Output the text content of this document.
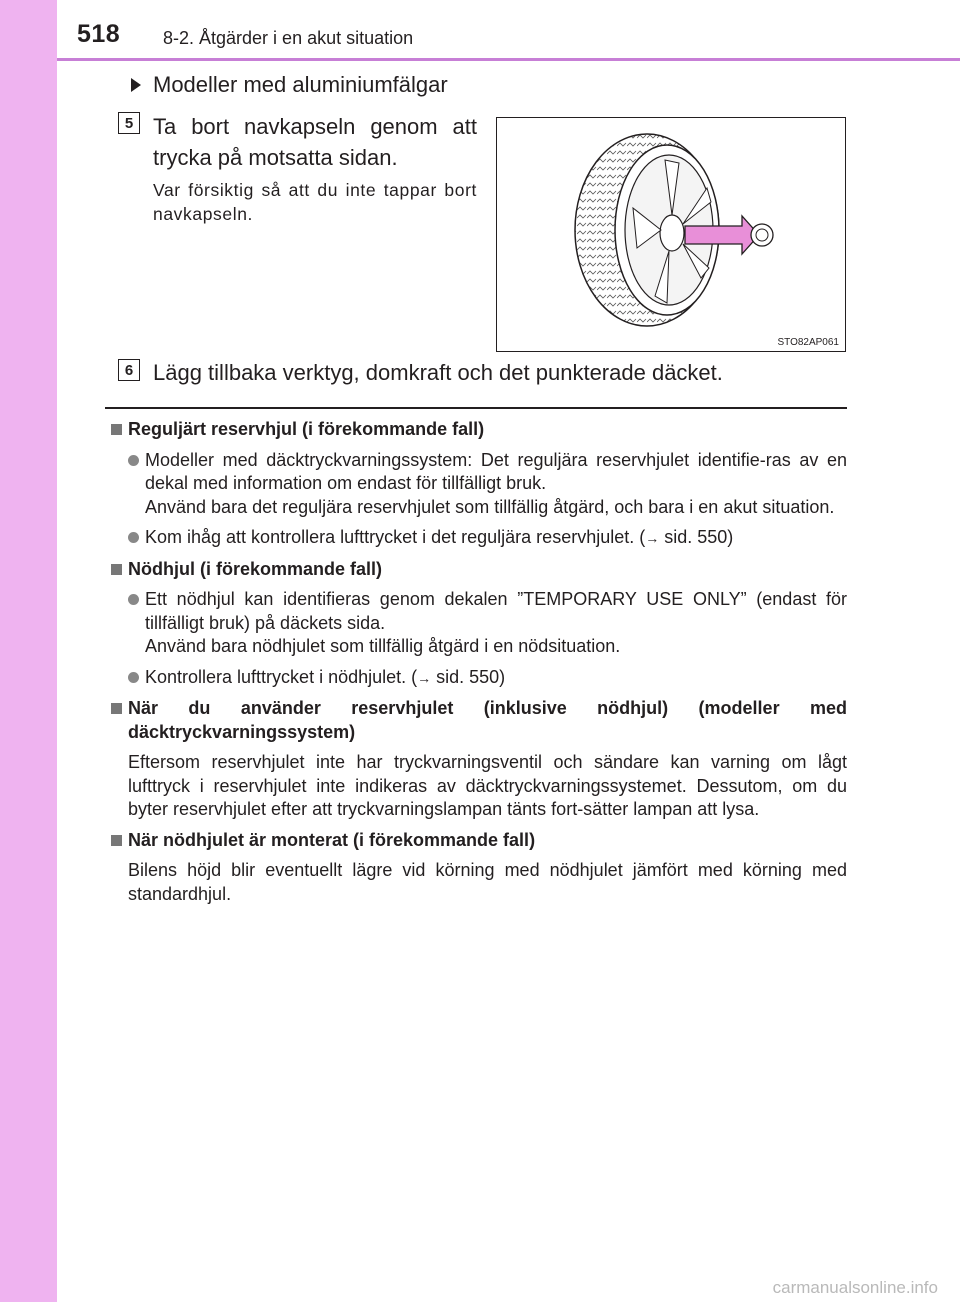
518 8-2. Åtgärder i en akut situation
Modeller med aluminiumfälgar
5 Ta bort navkapseln genom att trycka på motsatta sidan.
Var försiktig så att du inte tappar bort navkapseln.
STO82AP061
6 Lägg tillbaka verktyg, domkraft och det punkterade däcket.
Reguljärt reservhjul (i förekommande fall)
Modeller med däcktryckvarningssystem: Det reguljära reservhjulet identifie-ras av en dekal med information om endast för tillfälligt bruk.
Använd bara det reguljära reservhjulet som tillfällig åtgärd, och bara i en akut situation.
Kom ihåg att kontrollera lufttrycket i det reguljära reservhjulet. (→ sid. 550)
Nödhjul (i förekommande fall)
Ett nödhjul kan identifieras genom dekalen ”TEMPORARY USE ONLY” (endast för tillfälligt bruk) på däckets sida.
Använd bara nödhjulet som tillfällig åtgärd i en nödsituation.
Kontrollera lufttrycket i nödhjulet. (→ sid. 550)
När du använder reservhjulet (inklusive nödhjul) (modeller med däcktryckvarningssystem)
Eftersom reservhjulet inte har tryckvarningsventil och sändare kan varning om lågt lufttryck i reservhjulet inte indikeras av däcktryckvarningssystemet. Dessutom, om du byter reservhjulet efter att tryckvarningslampan tänts fort-sätter lampan att lysa.
När nödhjulet är monterat (i förekommande fall)
Bilens höjd blir eventuellt lägre vid körning med nödhjulet jämfört med körning med standardhjul.
carmanualsonline.info
